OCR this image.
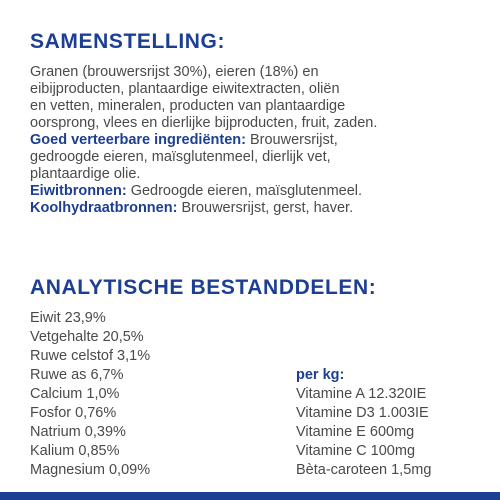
SAMENSTELLING:

Granen (brouwersrijst 30%), eieren (18%) en
eibijproducten, plantaardige eiwitextracten, oliën
en vetten, mineralen, producten van plantaardige
oorsprong, vlees en dierlijke bijproducten, fruit, zaden.

Goed verteerbare ingrediënten: Brouwersrijst,
gedroogde eieren, maïsglutenmeel, dierlijk vet,
plantaardige olie.

Eiwitbronnen: Gedroogde eieren, maïsglutenmeel.

Koolhydraatbronnen: Brouwersrijst, gerst, haver.

ANALYTISCHE BESTANDDELEN:
Eiwit 23,9%
Vetgehalte 20,5%
Ruwe celstof 3,1%
Ruwe as 6,7%
Calcium 1,0%
Fosfor 0,76%
Natrium 0,39%
Kalium 0,85%
Magnesium 0,09%
per kg:
Vitamine A 12.320IE
Vitamine D3 1.003IE
Vitamine E 600mg
Vitamine C 100mg
Bèta-caroteen 1,5mg
